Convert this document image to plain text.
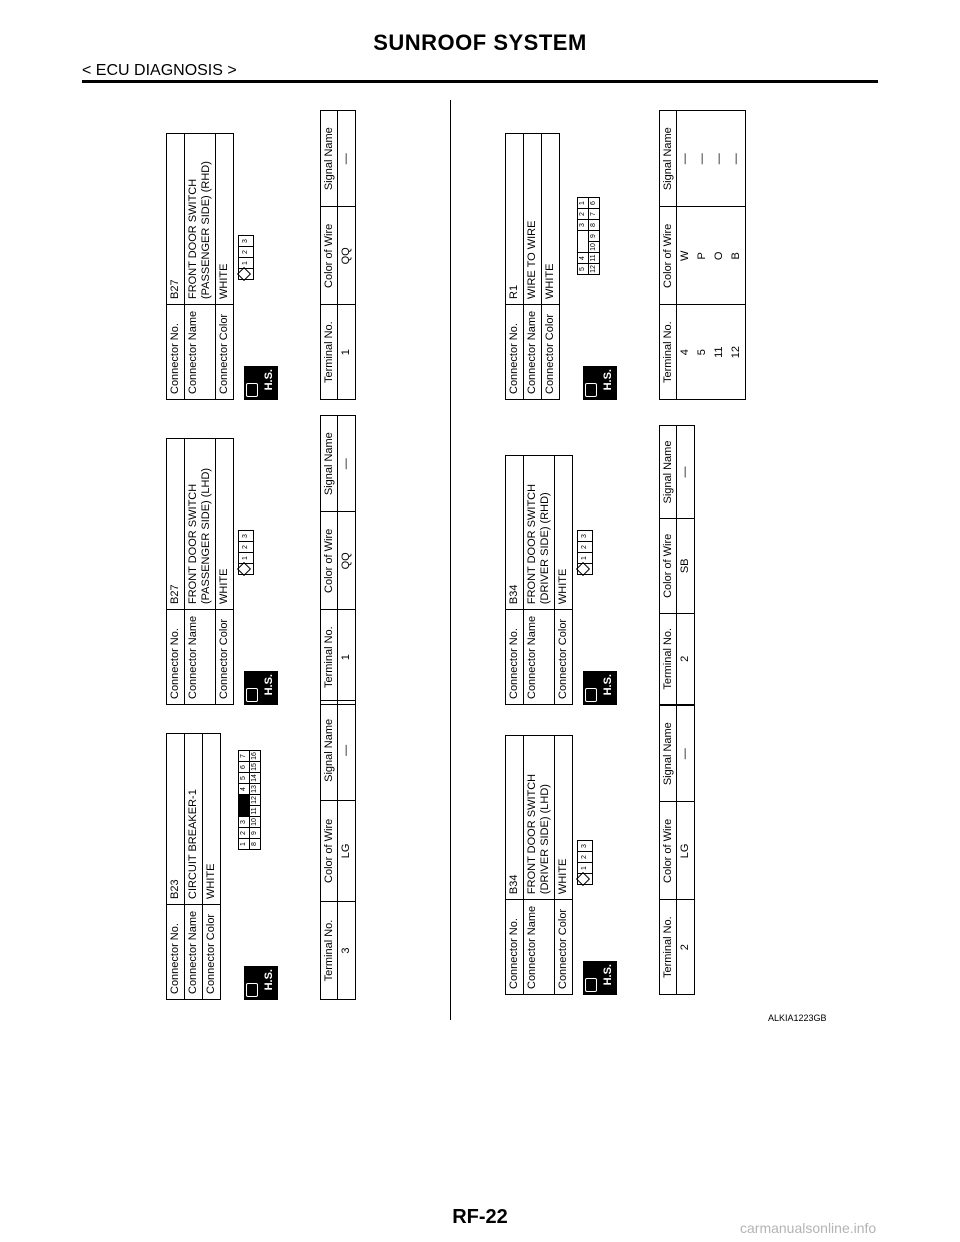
SUNROOF SYSTEM
< ECU DIAGNOSIS >
Connector No.	B23
Connector Name	CIRCUIT BREAKER-1
Connector Color	WHITE
H.S.
1	2	3			4	5	6	7
8	9	10	11	12	13	14	15	16
Terminal No.	Color of Wire	Signal Name
3	LG	—
Connector No.	B27
Connector Name	FRONT DOOR SWITCH (PASSENGER SIDE) (LHD)
Connector Color	WHITE
H.S.
	1	2	3
Terminal No.	Color of Wire	Signal Name
1	QQ	—
Connector No.	B27
Connector Name	FRONT DOOR SWITCH (PASSENGER SIDE) (RHD)
Connector Color	WHITE
H.S.
	1	2	3
Terminal No.	Color of Wire	Signal Name
1	QQ	—
Connector No.	B34
Connector Name	FRONT DOOR SWITCH (DRIVER SIDE) (LHD)
Connector Color	WHITE
H.S.
	1	2	3
Terminal No.	Color of Wire	Signal Name
2	LG	—
Connector No.	B34
Connector Name	FRONT DOOR SWITCH (DRIVER SIDE) (RHD)
Connector Color	WHITE
H.S.
	1	2	3
Terminal No.	Color of Wire	Signal Name
2	SB	—
Connector No.	R1
Connector Name	WIRE TO WIRE
Connector Color	WHITE
H.S.
5	4			3	2	1
12	11	10	9	8	7	6
Terminal No.	Color of Wire	Signal Name
4	W	—
5	P	—
11	O	—
12	B	—
ALKIA1223GB
RF-22	carmanualsonline.info
